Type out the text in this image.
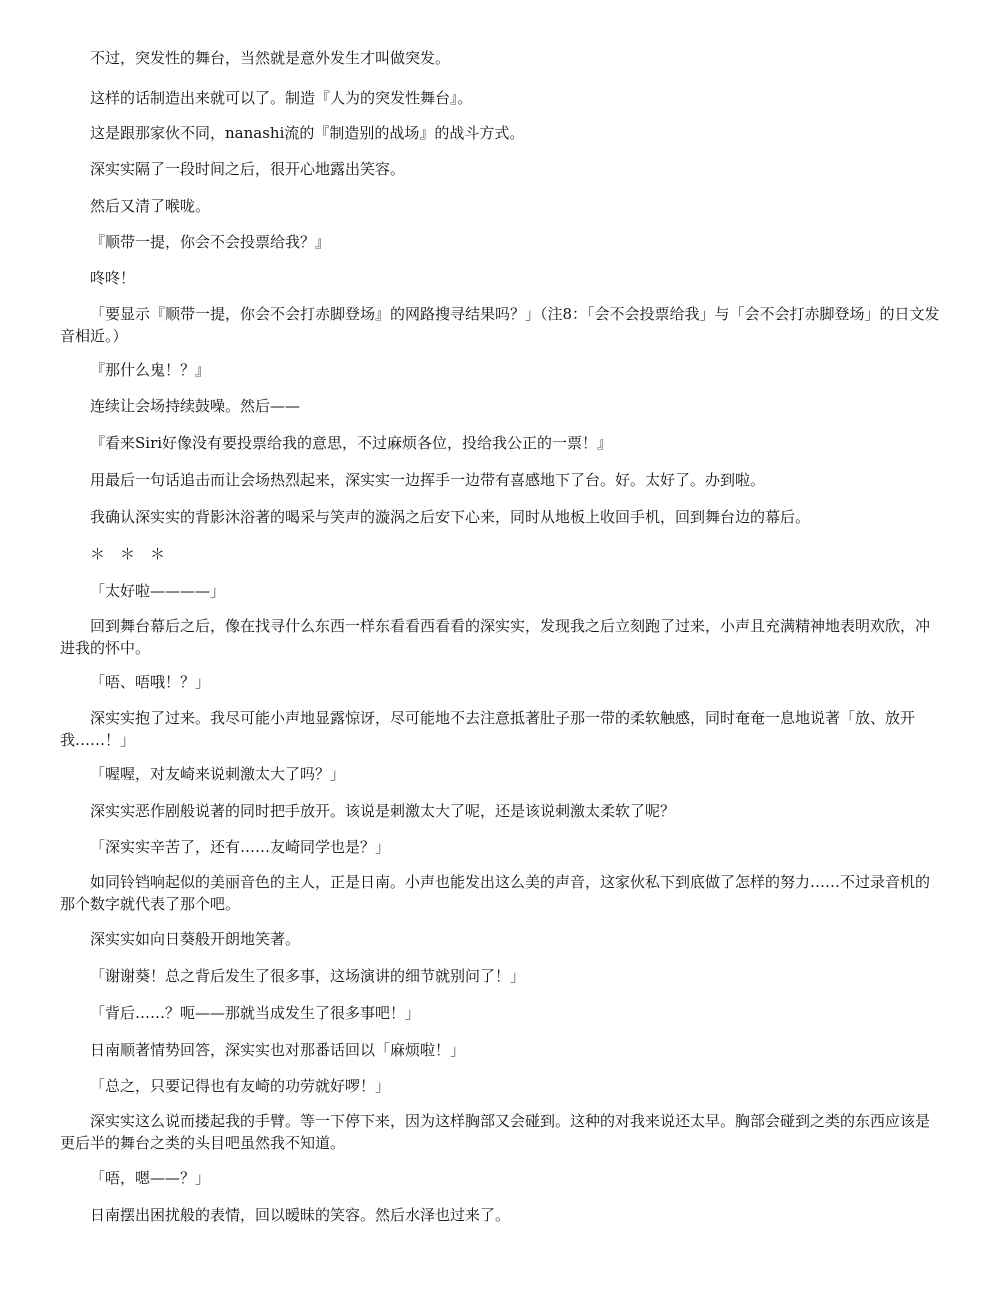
不过，突发性的舞台，当然就是意外发生才叫做突发。

这样的话制造出来就可以了。制造『人为的突发性舞台』。

这是跟那家伙不同，nanashi流的『制造别的战场』的战斗方式。

深实实隔了一段时间之后，很开心地露出笑容。

然后又清了喉咙。

『顺带一提，你会不会投票给我？』

咚咚！

「要显示『顺带一提，你会不会打赤脚登场』的网路搜寻结果吗？」（注8：「会不会投票给我」与「会不会打赤脚登场」的日文发音相近。）

『那什么鬼！？』

连续让会场持续鼓噪。然后——

『看来Siri好像没有要投票给我的意思，不过麻烦各位，投给我公正的一票！』

用最后一句话追击而让会场热烈起来，深实实一边挥手一边带有喜感地下了台。好。太好了。办到啦。

我确认深实实的背影沐浴著的喝采与笑声的漩涡之后安下心来，同时从地板上收回手机，回到舞台边的幕后。

＊　＊　＊

「太好啦————」

回到舞台幕后之后，像在找寻什么东西一样东看看西看看的深实实，发现我之后立刻跑了过来，小声且充满精神地表明欢欣，冲进我的怀中。

「唔、唔哦！？」

深实实抱了过来。我尽可能小声地显露惊讶，尽可能地不去注意抵著肚子那一带的柔软触感，同时奄奄一息地说著「放、放开我……！」

「喔喔，对友崎来说刺激太大了吗？」

深实实恶作剧般说著的同时把手放开。该说是刺激太大了呢，还是该说刺激太柔软了呢？

「深实实辛苦了，还有……友崎同学也是？」

如同铃铛响起似的美丽音色的主人，正是日南。小声也能发出这么美的声音，这家伙私下到底做了怎样的努力……不过录音机的那个数字就代表了那个吧。

深实实如向日葵般开朗地笑著。

「谢谢葵！总之背后发生了很多事，这场演讲的细节就别问了！」

「背后……？呃——那就当成发生了很多事吧！」

日南顺著情势回答，深实实也对那番话回以「麻烦啦！」

「总之，只要记得也有友崎的功劳就好啰！」

深实实这么说而搂起我的手臂。等一下停下来，因为这样胸部又会碰到。这种的对我来说还太早。胸部会碰到之类的东西应该是更后半的舞台之类的头目吧虽然我不知道。

「唔，嗯——？」

日南摆出困扰般的表情，回以暧昧的笑容。然后水泽也过来了。
